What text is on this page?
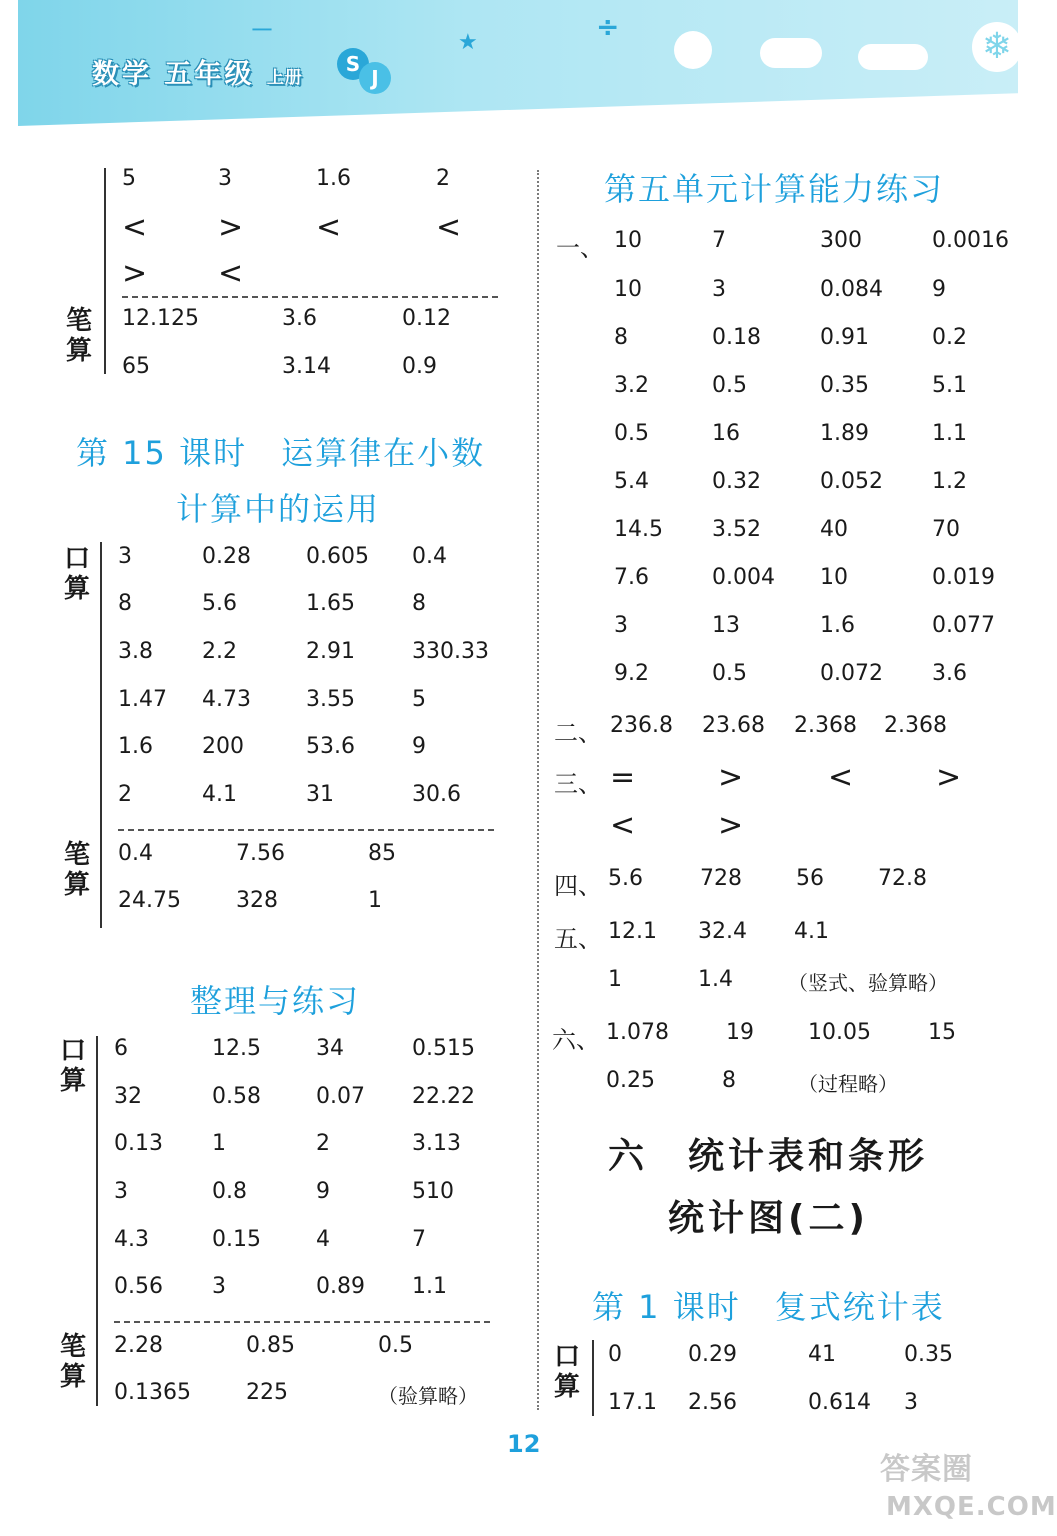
数学 五年级 上册
S
J
－	★	÷	❄
5	3	1.6	2
< > <	<
> <
笔算
12.125	3.6	0.12
65	3.14	0.9
第 15 课时　运算律在小数
计算中的运用
口算
3	0.28	0.605 0.4
8	5.6	1.65	8
3.8 2.2	2.91	330.33
1.47 4.73	3.55	5
1.6 200	53.6	9
2	4.1	31	30.6
笔算
0.4	7.56	85
24.75	328	1
整理与练习
口算
6	12.5	34	0.515
32	0.58	0.07 22.22
0.13 1	2	3.13
3	0.8	9	510
4.3	0.15	4	7
0.56 3	0.89 1.1
笔算
2.28	0.85	0.5
0.1365	225	（验算略）
第五单元计算能力练习
一、 10	7	300	0.0016
10	3	0.084 9
8	0.18	0.91	0.2
3.2	0.5	0.35	5.1
0.5	16	1.89	1.1
5.4	0.32	0.052 1.2
14.5 3.52	40	70
7.6	0.004 10	0.019
3	13	1.6	0.077
9.2	0.5	0.072 3.6
二、 236.8 23.68 2.368 2.368
三、 =	>	<	>
<	>
四、 5.6	728 56 72.8
五、 12.1 32.4 4.1
1	1.4	（竖式、验算略）
六、 1.078	19 10.05	15
0.25	8	（过程略）
六　统计表和条形
统计图(二)
第 1 课时　复式统计表
口算
0	0.29	41	0.35
17.1 2.56	0.614 3
12
答案圈
MXQE.COM
